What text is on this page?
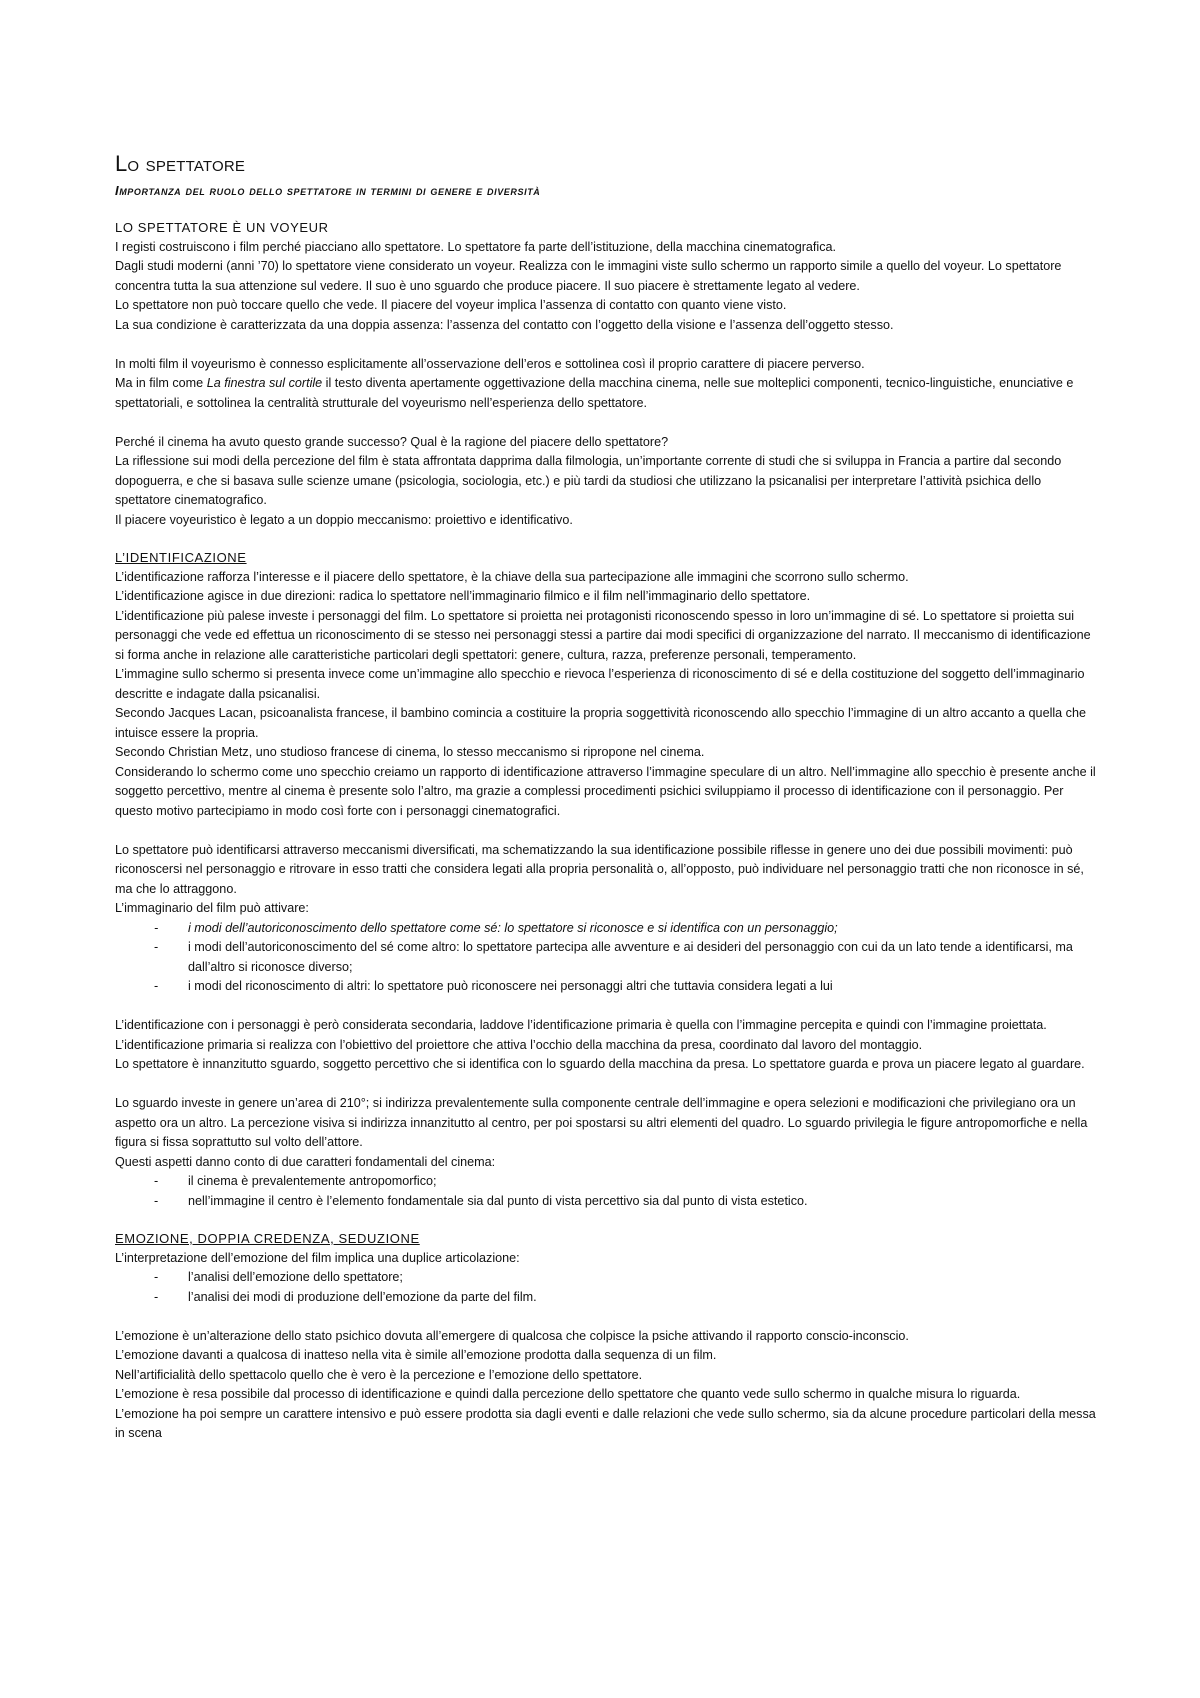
Lo spettatore
Importanza del ruolo dello spettatore in termini di genere e diversità
LO SPETTATORE È UN VOYEUR

I registi costruiscono i film perché piacciano allo spettatore. Lo spettatore fa parte dell’istituzione, della macchina cinematografica.

Dagli studi moderni (anni ’70) lo spettatore viene considerato un voyeur. Realizza con le immagini viste sullo schermo un rapporto simile a quello del voyeur. Lo spettatore concentra tutta la sua attenzione sul vedere. Il suo è uno sguardo che produce piacere. Il suo piacere è strettamente legato al vedere.

Lo spettatore non può toccare quello che vede. Il piacere del voyeur implica l’assenza di contatto con quanto viene visto.

La sua condizione è caratterizzata da una doppia assenza: l’assenza del contatto con l’oggetto della visione e l’assenza dell’oggetto stesso.

In molti film il voyeurismo è connesso esplicitamente all’osservazione dell’eros e sottolinea così il proprio carattere di piacere perverso.

Ma in film come La finestra sul cortile il testo diventa apertamente oggettivazione della macchina cinema, nelle sue molteplici componenti, tecnico-linguistiche, enunciative e spettatoriali, e sottolinea la centralità strutturale del voyeurismo nell’esperienza dello spettatore.

Perché il cinema ha avuto questo grande successo? Qual è la ragione del piacere dello spettatore?

La riflessione sui modi della percezione del film è stata affrontata dapprima dalla filmologia, un’importante corrente di studi che si sviluppa in Francia a partire dal secondo dopoguerra, e che si basava sulle scienze umane (psicologia, sociologia, etc.) e più tardi da studiosi che utilizzano la psicanalisi per interpretare l’attività psichica dello spettatore cinematografico.

Il piacere voyeuristico è legato a un doppio meccanismo: proiettivo e identificativo.

L’IDENTIFICAZIONE

L’identificazione rafforza l’interesse e il piacere dello spettatore, è la chiave della sua partecipazione alle immagini che scorrono sullo schermo.

L’identificazione agisce in due direzioni: radica lo spettatore nell’immaginario filmico e il film nell’immaginario dello spettatore.

L’identificazione più palese investe i personaggi del film. Lo spettatore si proietta nei protagonisti riconoscendo spesso in loro un’immagine di sé. Lo spettatore si proietta sui personaggi che vede ed effettua un riconoscimento di se stesso nei personaggi stessi a partire dai modi specifici di organizzazione del narrato. Il meccanismo di identificazione si forma anche in relazione alle caratteristiche particolari degli spettatori: genere, cultura, razza, preferenze personali, temperamento.

L’immagine sullo schermo si presenta invece come un’immagine allo specchio e rievoca l’esperienza di riconoscimento di sé e della costituzione del soggetto dell’immaginario descritte e indagate dalla psicanalisi.

Secondo Jacques Lacan, psicoanalista francese, il bambino comincia a costituire la propria soggettività riconoscendo allo specchio l’immagine di un altro accanto a quella che intuisce essere la propria.

Secondo Christian Metz, uno studioso francese di cinema, lo stesso meccanismo si ripropone nel cinema.

Considerando lo schermo come uno specchio creiamo un rapporto di identificazione attraverso l’immagine speculare di un altro. Nell’immagine allo specchio è presente anche il soggetto percettivo, mentre al cinema è presente solo l’altro, ma grazie a complessi procedimenti psichici sviluppiamo il processo di identificazione con il personaggio. Per questo motivo partecipiamo in modo così forte con i personaggi cinematografici.

Lo spettatore può identificarsi attraverso meccanismi diversificati, ma schematizzando la sua identificazione possibile riflesse in genere uno dei due possibili movimenti: può riconoscersi nel personaggio e ritrovare in esso tratti che considera legati alla propria personalità o, all’opposto, può individuare nel personaggio tratti che non riconosce in sé, ma che lo attraggono.

L’immaginario del film può attivare:

- i modi dell’autoriconoscimento dello spettatore come sé: lo spettatore si riconosce e si identifica con un personaggio;
- i modi dell’autoriconoscimento del sé come altro: lo spettatore partecipa alle avventure e ai desideri del personaggio con cui da un lato tende a identificarsi, ma dall’altro si riconosce diverso;
- i modi del riconoscimento di altri: lo spettatore può riconoscere nei personaggi altri che tuttavia considera legati a lui

L’identificazione con i personaggi è però considerata secondaria, laddove l’identificazione primaria è quella con l’immagine percepita e quindi con l’immagine proiettata. L’identificazione primaria si realizza con l’obiettivo del proiettore che attiva l’occhio della macchina da presa, coordinato dal lavoro del montaggio.

Lo spettatore è innanzitutto sguardo, soggetto percettivo che si identifica con lo sguardo della macchina da presa. Lo spettatore guarda e prova un piacere legato al guardare.

Lo sguardo investe in genere un’area di 210°; si indirizza prevalentemente sulla componente centrale dell’immagine e opera selezioni e modificazioni che privilegiano ora un aspetto ora un altro. La percezione visiva si indirizza innanzitutto al centro, per poi spostarsi su altri elementi del quadro. Lo sguardo privilegia le figure antropomorfiche e nella figura si fissa soprattutto sul volto dell’attore.

Questi aspetti danno conto di due caratteri fondamentali del cinema:

- il cinema è prevalentemente antropomorfico;
- nell’immagine il centro è l’elemento fondamentale sia dal punto di vista percettivo sia dal punto di vista estetico.
EMOZIONE, DOPPIA CREDENZA, SEDUZIONE

L’interpretazione dell’emozione del film implica una duplice articolazione:

- l’analisi dell’emozione dello spettatore;
- l’analisi dei modi di produzione dell’emozione da parte del film.

L’emozione è un’alterazione dello stato psichico dovuta all’emergere di qualcosa che colpisce la psiche attivando il rapporto conscio-inconscio.

L’emozione davanti a qualcosa di inatteso nella vita è simile all’emozione prodotta dalla sequenza di un film.

Nell’artificialità dello spettacolo quello che è vero è la percezione e l’emozione dello spettatore.

L’emozione è resa possibile dal processo di identificazione e quindi dalla percezione dello spettatore che quanto vede sullo schermo in qualche misura lo riguarda.

L’emozione ha poi sempre un carattere intensivo e può essere prodotta sia dagli eventi e dalle relazioni che vede sullo schermo, sia da alcune procedure particolari della messa in scena
